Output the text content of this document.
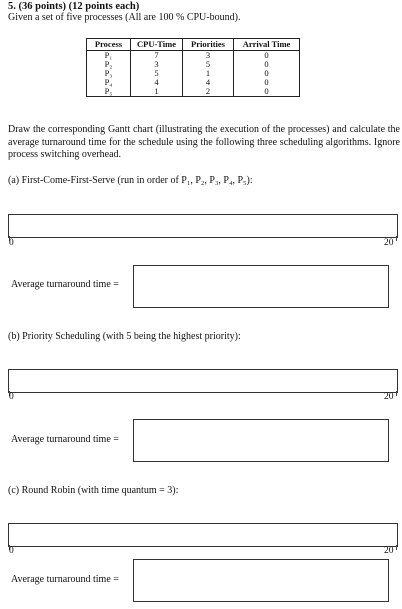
5. (36 points) (12 points each)
Given a set of five processes (All are 100 % CPU-bound).
Process	CPU-Time	Priorities	Arrival Time
P₁	7	3	0
P₂	3	5	0
P₃	5	1	0
P₄	4	4	0
P₅	1	2	0
Draw the corresponding Gantt chart (illustrating the execution of the processes) and calculate the average turnaround time for the schedule using the following three scheduling algorithms. Ignore process switching overhead.
(a) First-Come-First-Serve (run in order of P₁, P₂, P₃, P₄, P₅):
0	20
Average turnaround time =
(b) Priority Scheduling (with 5 being the highest priority):
0	20
Average turnaround time =
(c) Round Robin (with time quantum = 3):
0	20
Average turnaround time =
